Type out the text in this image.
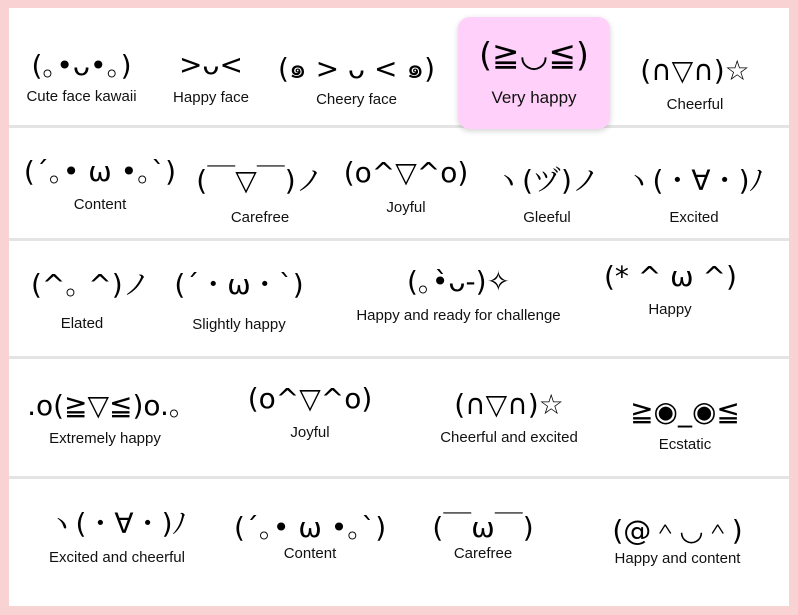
(｡•ᴗ•｡)
Cute face kawaii
>ᴗ<
Happy face
(๑ > ᴗ < ๑)
Cheery face
(∩▽∩)☆
Cheerful
(´｡• ω •｡`)
Content
(￣▽￣)ノ
Carefree
(o^▽^o)
Joyful
ヽ(ヅ)ノ
Gleeful
ヽ(・∀・)ﾉ
Excited
(^｡ ^)ノ
Elated
(´・ω・`)
Slightly happy
(｡•̀ᴗ-)✧
Happy and ready for challenge
(* ^ ω ^)
Happy
.o(≧▽≦)o.｡
Extremely happy
(o^▽^o)
Joyful
(∩▽∩)☆
Cheerful and excited
≧◉_◉≦
Ecstatic
ヽ(・∀・)ﾉ
Excited and cheerful
(´｡• ω •｡`)
Content
(￣ω￣)
Carefree
(@＾◡＾)
Happy and content
(≧◡≦)
Very happy
